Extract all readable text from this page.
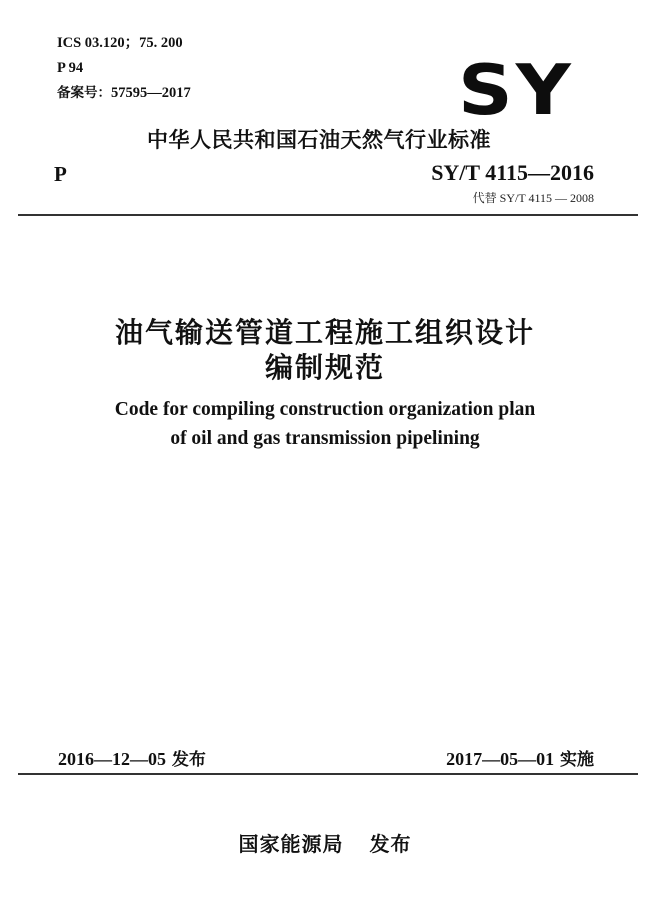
ICS 03.120；75. 200
P 94
备案号：57595—2017	SY
中华人民共和国石油天然气行业标准
P	SY/T 4115—2016
代替 SY/T 4115 — 2008
油气输送管道工程施工组织设计
编制规范
Code for compiling construction organization plan
of oil and gas transmission pipelining
2016—12—05 发布	2017—05—01 实施
国家能源局 发布
